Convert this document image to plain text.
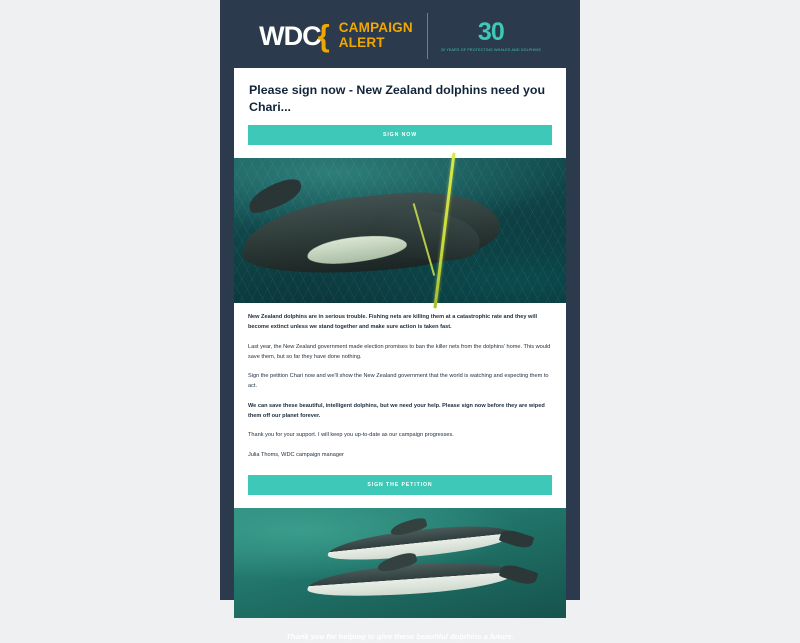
WDC
{ CAMPAIGN
ALERT	30
30 YEARS OF PROTECTING WHALES AND DOLPHINS
Please sign now - New Zealand dolphins need you Chari...
SIGN NOW

New Zealand dolphins are in serious trouble. Fishing nets are killing them at a catastrophic rate and they will become extinct unless we stand together and make sure action is taken fast.

Last year, the New Zealand government made election promises to ban the killer nets from the dolphins' home. This would save them, but so far they have done nothing.

Sign the petition Chari now and we'll show the New Zealand government that the world is watching and expecting them to act.

We can save these beautiful, intelligent dolphins, but we need your help. Please sign now before they are wiped them off our planet forever.

Thank you for your support. I will keep you up-to-date as our campaign progresses.

Julia Thoms, WDC campaign manager

SIGN THE PETITION
Thank you for helping to give these beautiful dolphins a future.
